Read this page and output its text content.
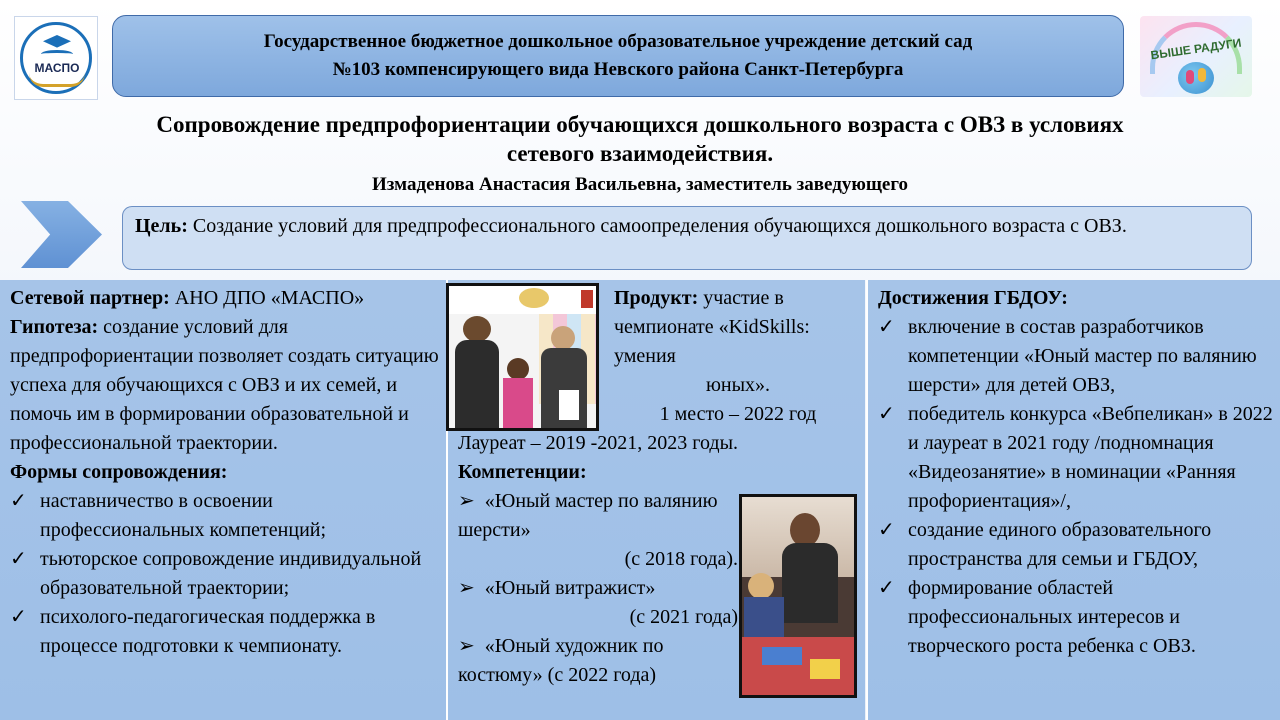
МАСПО
ВЫШЕ РАДУГИ
Государственное бюджетное дошкольное образовательное учреждение детский сад
№103 компенсирующего вида Невского района Санкт-Петербурга
Сопровождение предпрофориентации обучающихся дошкольного возраста с ОВЗ в условиях
сетевого взаимодействия.
Измаденова Анастасия Васильевна, заместитель заведующего
Цель: Создание условий для предпрофессионального самоопределения обучающихся дошкольного возраста с ОВЗ.
Сетевой партнер: АНО ДПО «МАСПО»
Гипотеза: создание условий для предпрофориентации позволяет создать ситуацию успеха для обучающихся с ОВЗ и их семей, и помочь им в формировании образовательной и профессиональной траектории.
Формы сопровождения:
✓ наставничество в освоении профессиональных компетенций;
✓ тьюторское сопровождение индивидуальной образовательной траектории;
✓ психолого-педагогическая поддержка в процессе подготовки к чемпионату.
Продукт: участие в чемпионате «KidSkills: умения
юных».
1 место – 2022 год
Лауреат – 2019 -2021, 2023 годы.
Компетенции:
➢ «Юный мастер по валянию шерсти»
(с 2018 года).
➢ «Юный витражист»
(с 2021 года)
➢ «Юный художник по костюму» (с 2022 года)
Достижения ГБДОУ:
✓ включение в состав разработчиков компетенции «Юный мастер по валянию шерсти» для детей ОВЗ,
✓ победитель конкурса «Вебпеликан» в 2022 и лауреат в 2021 году /подномнация «Видеозанятие» в номинации «Ранняя профориентация»/,
✓ создание единого образовательного пространства для семьи и ГБДОУ,
✓ формирование областей профессиональных интересов и творческого роста ребенка с ОВЗ.
